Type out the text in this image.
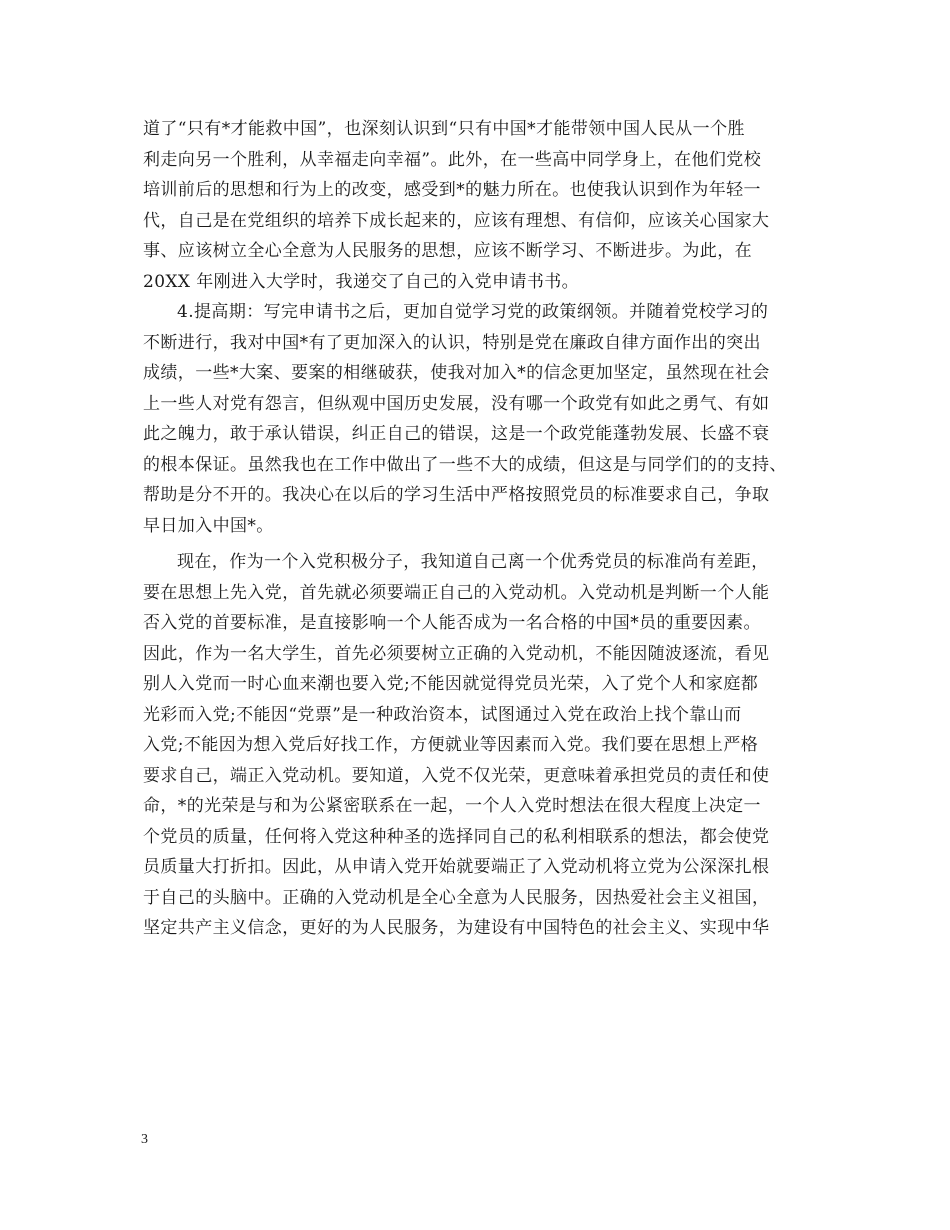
道了“只有*才能救中国”，也深刻认识到“只有中国*才能带领中国人民从一个胜
利走向另一个胜利，从幸福走向幸福”。此外，在一些高中同学身上，在他们党校
培训前后的思想和行为上的改变，感受到*的魅力所在。也使我认识到作为年轻一
代，自己是在党组织的培养下成长起来的，应该有理想、有信仰，应该关心国家大
事、应该树立全心全意为人民服务的思想，应该不断学习、不断进步。为此，在
20XX 年刚进入大学时，我递交了自己的入党申请书书。
4.提高期：写完申请书之后，更加自觉学习党的政策纲领。并随着党校学习的
不断进行，我对中国*有了更加深入的认识，特别是党在廉政自律方面作出的突出
成绩，一些*大案、要案的相继破获，使我对加入*的信念更加坚定，虽然现在社会
上一些人对党有怨言，但纵观中国历史发展，没有哪一个政党有如此之勇气、有如
此之魄力，敢于承认错误，纠正自己的错误，这是一个政党能蓬勃发展、长盛不衰
的根本保证。虽然我也在工作中做出了一些不大的成绩，但这是与同学们的的支持、
帮助是分不开的。我决心在以后的学习生活中严格按照党员的标准要求自己，争取
早日加入中国*。
现在，作为一个入党积极分子，我知道自己离一个优秀党员的标准尚有差距，
要在思想上先入党，首先就必须要端正自己的入党动机。入党动机是判断一个人能
否入党的首要标准，是直接影响一个人能否成为一名合格的中国*员的重要因素。
因此，作为一名大学生，首先必须要树立正确的入党动机，不能因随波逐流，看见
别人入党而一时心血来潮也要入党;不能因就觉得党员光荣，入了党个人和家庭都
光彩而入党;不能因“党票”是一种政治资本，试图通过入党在政治上找个靠山而
入党;不能因为想入党后好找工作，方便就业等因素而入党。我们要在思想上严格
要求自己，端正入党动机。要知道，入党不仅光荣，更意味着承担党员的责任和使
命，*的光荣是与和为公紧密联系在一起，一个人入党时想法在很大程度上决定一
个党员的质量，任何将入党这种种圣的选择同自己的私利相联系的想法，都会使党
员质量大打折扣。因此，从申请入党开始就要端正了入党动机将立党为公深深扎根
于自己的头脑中。正确的入党动机是全心全意为人民服务，因热爱社会主义祖国，
坚定共产主义信念，更好的为人民服务，为建设有中国特色的社会主义、实现中华
3
